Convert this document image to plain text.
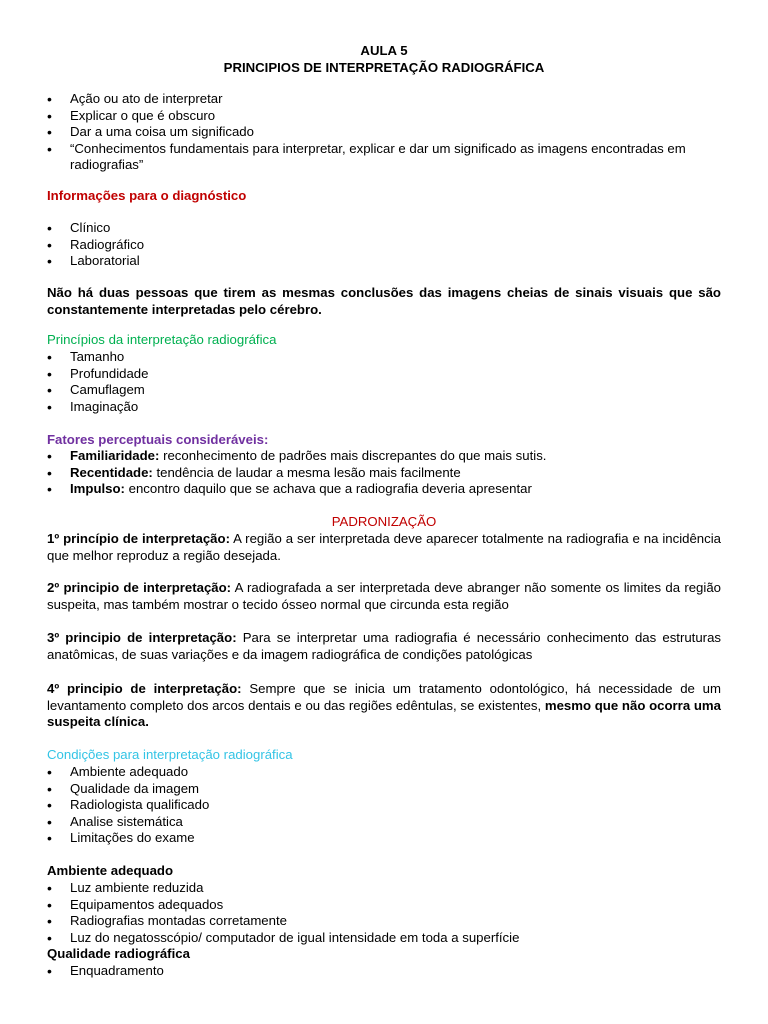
AULA 5
PRINCIPIOS DE INTERPRETAÇÃO RADIOGRÁFICA
• Ação ou ato de interpretar
• Explicar o que é obscuro
• Dar a uma coisa um significado
• “Conhecimentos fundamentais para interpretar, explicar e dar um significado as imagens encontradas em radiografias”
Informações para o diagnóstico
• Clínico
• Radiográfico
• Laboratorial
Não há duas pessoas que tirem as mesmas conclusões das imagens cheias de sinais visuais que são constantemente interpretadas pelo cérebro.
Princípios da interpretação radiográfica
• Tamanho
• Profundidade
• Camuflagem
• Imaginação
Fatores perceptuais consideráveis:
• Familiaridade: reconhecimento de padrões mais discrepantes do que mais sutis.
• Recentidade: tendência de laudar a mesma lesão mais facilmente
• Impulso: encontro daquilo que se achava que a radiografia deveria apresentar
PADRONIZAÇÃO
1º princípio de interpretação: A região a ser interpretada deve aparecer totalmente na radiografia e na incidência que melhor reproduz a região desejada.
2º principio de interpretação: A radiografada a ser interpretada deve abranger não somente os limites da região suspeita, mas também mostrar o tecido ósseo normal que circunda esta região
3º principio de interpretação: Para se interpretar uma radiografia é necessário conhecimento das estruturas anatômicas, de suas variações e da imagem radiográfica de condições patológicas
4º principio de interpretação: Sempre que se inicia um tratamento odontológico, há necessidade de um levantamento completo dos arcos dentais e ou das regiões edêntulas, se existentes, mesmo que não ocorra uma suspeita clínica.
Condições para interpretação radiográfica
• Ambiente adequado
• Qualidade da imagem
• Radiologista qualificado
• Analise sistemática
• Limitações do exame
Ambiente adequado
• Luz ambiente reduzida
• Equipamentos adequados
• Radiografias montadas corretamente
• Luz do negatosscópio/ computador de igual intensidade em toda a superfície
Qualidade radiográfica
• Enquadramento
